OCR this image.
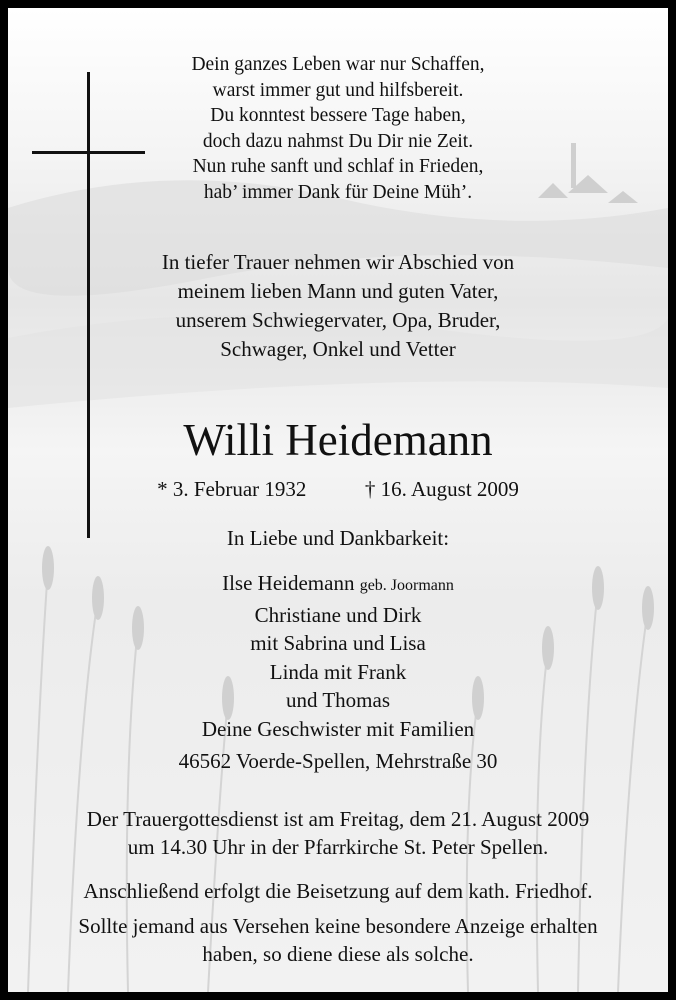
Dein ganzes Leben war nur Schaffen,
warst immer gut und hilfsbereit.
Du konntest bessere Tage haben,
doch dazu nahmst Du Dir nie Zeit.
Nun ruhe sanft und schlaf in Frieden,
hab’ immer Dank für Deine Müh’.
In tiefer Trauer nehmen wir Abschied von
meinem lieben Mann und guten Vater,
unserem Schwiegervater, Opa, Bruder,
Schwager, Onkel und Vetter
Willi Heidemann
* 3. Februar 1932	† 16. August 2009
In Liebe und Dankbarkeit:
Ilse Heidemann geb. Joormann
Christiane und Dirk
mit Sabrina und Lisa
Linda mit Frank
und Thomas
Deine Geschwister mit Familien
46562 Voerde-Spellen, Mehrstraße 30
Der Trauergottesdienst ist am Freitag, dem 21. August 2009
um 14.30 Uhr in der Pfarrkirche St. Peter Spellen.
Anschließend erfolgt die Beisetzung auf dem kath. Friedhof.
Sollte jemand aus Versehen keine besondere Anzeige erhalten
haben, so diene diese als solche.
